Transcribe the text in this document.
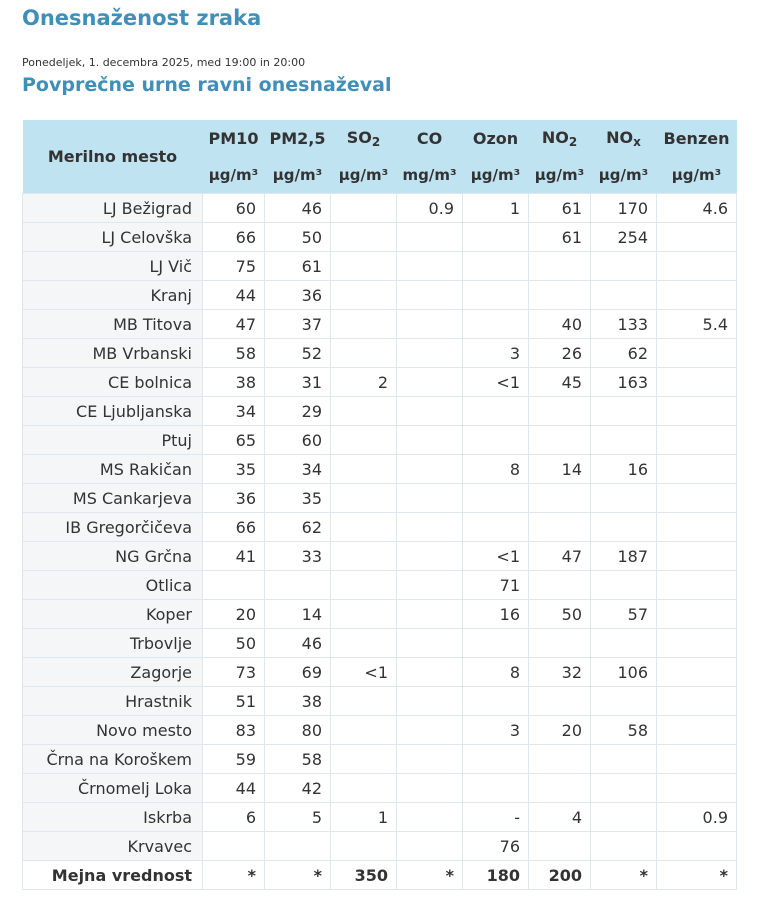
Onesnaženost zraka
Ponedeljek, 1. decembra 2025, med 19:00 in 20:00
Povprečne urne ravni onesnaževal
Merilno mesto	PM10	PM2,5	$SO_2$	CO	Ozon	$NO_2$	$NO_x$	Benzen
	µg/m³	µg/m³	µg/m³	mg/m³	µg/m³	µg/m³	µg/m³	µg/m³
LJ Bežigrad	60	46		0.9	1	61	170	4.6
LJ Celovška	66	50				61	254	
LJ Vič	75	61						
Kranj	44	36						
MB Titova	47	37				40	133	5.4
MB Vrbanski	58	52			3	26	62	
CE bolnica	38	31	2		<1	45	163	
CE Ljubljanska	34	29						
Ptuj	65	60						
MS Rakičan	35	34			8	14	16	
MS Cankarjeva	36	35						
IB Gregorčičeva	66	62						
NG Grčna	41	33			<1	47	187	
Otlica					71			
Koper	20	14			16	50	57	
Trbovlje	50	46						
Zagorje	73	69	<1		8	32	106	
Hrastnik	51	38						
Novo mesto	83	80			3	20	58	
Črna na Koroškem	59	58						
Črnomelj Loka	44	42						
Iskrba	6	5	1		-	4		0.9
Krvavec					76			
Mejna vrednost	*	*	350	*	180	200	*	*
